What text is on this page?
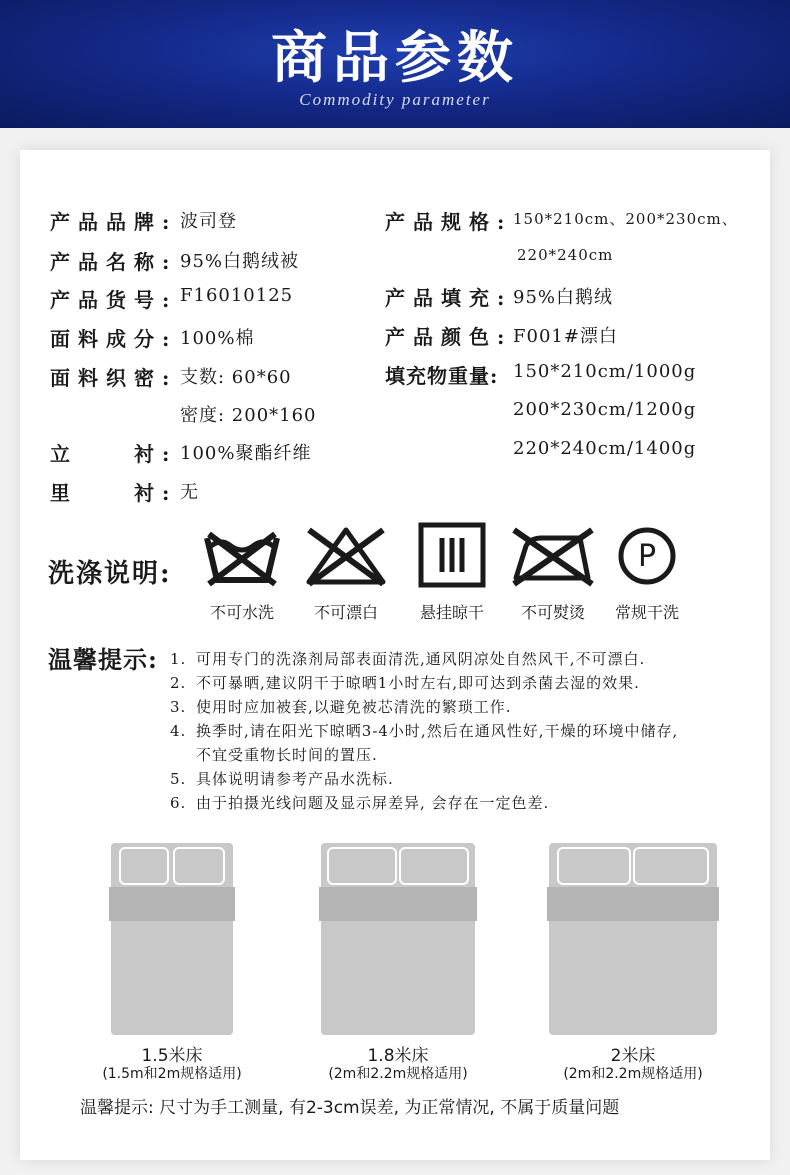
商品参数
Commodity parameter
产品品牌: 波司登
产品名称: 95%白鹅绒被
产品货号: F16010125
面料成分: 100%棉
面料织密: 支数: 60*60
密度: 200*160
立　　衬: 100%聚酯纤维
里　　衬: 无
产品规格: 150*210cm、200*230cm、
220*240cm
产品填充: 95%白鹅绒
产品颜色: F001#漂白
填充物重量: 150*210cm/1000g
200*230cm/1200g
220*240cm/1400g
洗涤说明:
不可水洗	不可漂白	悬挂晾干	不可熨烫
P
常规干洗
温馨提示: 1. 可用专门的洗涤剂局部表面清洗,通风阴凉处自然风干,不可漂白.
2. 不可暴晒,建议阴干于晾晒1小时左右,即可达到杀菌去湿的效果.
3. 使用时应加被套,以避免被芯清洗的繁琐工作.
4. 换季时,请在阳光下晾晒3-4小时,然后在通风性好,干燥的环境中储存,
不宜受重物长时间的置压.
5. 具体说明请参考产品水洗标.
6. 由于拍摄光线问题及显示屏差异, 会存在一定色差.
1.5米床
(1.5m和2m规格适用)
1.8米床
(2m和2.2m规格适用)
2米床
(2m和2.2m规格适用)
温馨提示: 尺寸为手工测量, 有2-3cm误差, 为正常情况, 不属于质量问题
